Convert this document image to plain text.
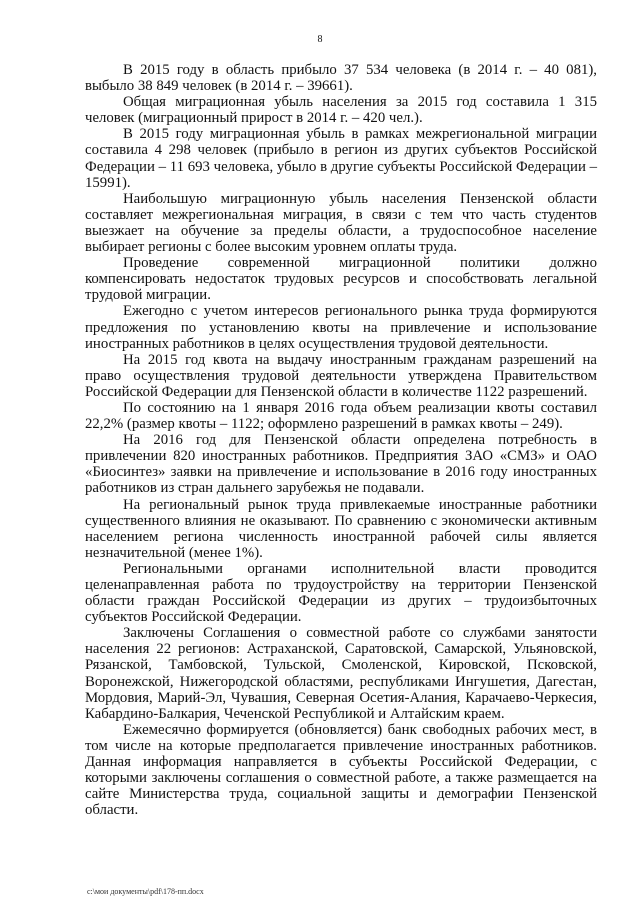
8

В 2015 году в область прибыло 37 534 человека (в 2014 г. – 40 081), выбыло 38 849 человек (в 2014 г. – 39661).

Общая миграционная убыль населения за 2015 год составила 1 315 человек (миграционный прирост в 2014 г. – 420 чел.).

В 2015 году миграционная убыль в рамках межрегиональной миграции составила 4 298 человек (прибыло в регион из других субъектов Российской Федерации – 11 693 человека, убыло в другие субъекты Российской Федерации – 15991).

Наибольшую миграционную убыль населения Пензенской области составляет межрегиональная миграция, в связи с тем что часть студентов выезжает на обучение за пределы области, а трудоспособное население выбирает регионы с более высоким уровнем оплаты труда.

Проведение современной миграционной политики должно компенсировать недостаток трудовых ресурсов и способствовать легальной трудовой миграции.

Ежегодно с учетом интересов регионального рынка труда формируются предложения по установлению квоты на привлечение и использование иностранных работников в целях осуществления трудовой деятельности.

На 2015 год квота на выдачу иностранным гражданам разрешений на право осуществления трудовой деятельности утверждена Правительством Российской Федерации для Пензенской области в количестве 1122 разрешений.

По состоянию на 1 января 2016 года объем реализации квоты составил 22,2% (размер квоты – 1122; оформлено разрешений в рамках квоты – 249).

На 2016 год для Пензенской области определена потребность в привлечении 820 иностранных работников. Предприятия ЗАО «СМЗ» и ОАО «Биосинтез» заявки на привлечение и использование в 2016 году иностранных работников из стран дальнего зарубежья не подавали.

На региональный рынок труда привлекаемые иностранные работники существенного влияния не оказывают. По сравнению с экономически активным населением региона численность иностранной рабочей силы является незначительной (менее 1%).

Региональными органами исполнительной власти проводится целенаправленная работа по трудоустройству на территории Пензенской области граждан Российской Федерации из других – трудоизбыточных субъектов Российской Федерации.

Заключены Соглашения о совместной работе со службами занятости населения 22 регионов: Астраханской, Саратовской, Самарской, Ульяновской, Рязанской, Тамбовской, Тульской, Смоленской, Кировской, Псковской, Воронежской, Нижегородской областями, республиками Ингушетия, Дагестан, Мордовия, Марий-Эл, Чувашия, Северная Осетия-Алания, Карачаево-Черкесия, Кабардино-Балкария, Чеченской Республикой и Алтайским краем.

Ежемесячно формируется (обновляется) банк свободных рабочих мест, в том числе на которые предполагается привлечение иностранных работников. Данная информация направляется в субъекты Российской Федерации, с которыми заключены соглашения о совместной работе, а также размещается на сайте Министерства труда, социальной защиты и демографии Пензенской области.

c:\мои документы\pdf\178-пп.docx
